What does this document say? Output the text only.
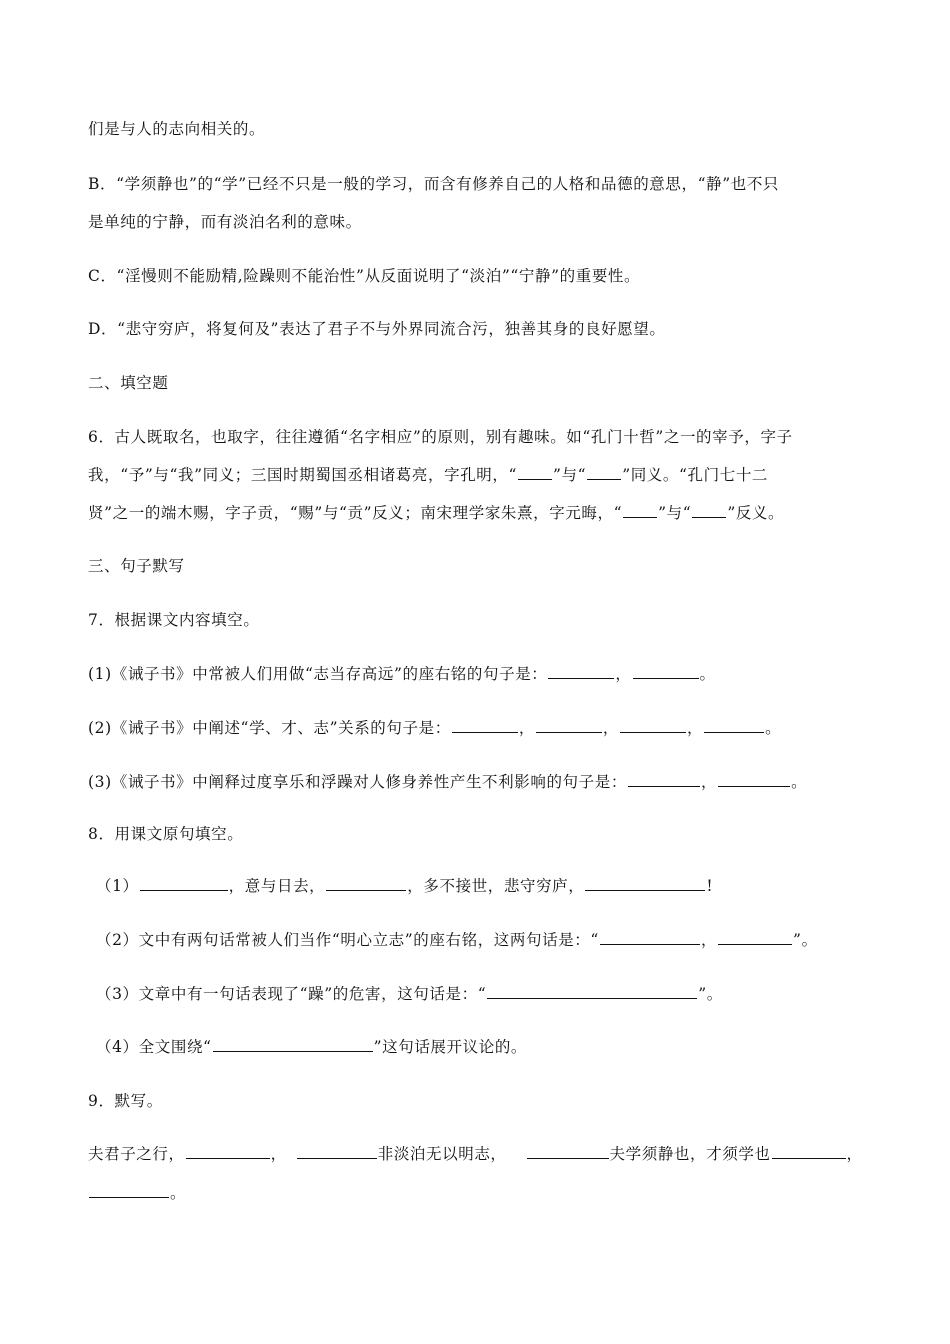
们是与人的志向相关的。
B．“学须静也”的“学”已经不只是一般的学习，而含有修养自己的人格和品德的意思，“静”也不只
是单纯的宁静，而有淡泊名利的意味。
C．“淫慢则不能励精,险躁则不能治性”从反面说明了“淡泊”“宁静”的重要性。
D．“悲守穷庐，将复何及”表达了君子不与外界同流合污，独善其身的良好愿望。
二、填空题
6．古人既取名，也取字，往往遵循“名字相应”的原则，别有趣味。如“孔门十哲”之一的宰予，字子
我，“予”与“我”同义；三国时期蜀国丞相诸葛亮，字孔明，“ ”与“ ”同义。“孔门七十二
贤”之一的端木赐，字子贡，“赐”与“贡”反义；南宋理学家朱熹，字元晦，“ ”与“ ”反义。
三、句子默写
7．根据课文内容填空。
(1)《诫子书》中常被人们用做“志当存高远”的座右铭的句子是：	，	。
(2)《诫子书》中阐述“学、才、志”关系的句子是：	，	，	，	。
(3)《诫子书》中阐释过度享乐和浮躁对人修身养性产生不利影响的句子是：	，	。
8．用课文原句填空。
（1）	，意与日去，	，多不接世，悲守穷庐，	!
（2）文中有两句话常被人们当作“明心立志”的座右铭，这两句话是：“	，	”。
（3）文章中有一句话表现了“躁”的危害，这句话是：“	”。
（4）全文围绕“	”这句话展开议论的。
9．默写。
夫君子之行，	，	非淡泊无以明志，	夫学须静也，才须学也	，
。
